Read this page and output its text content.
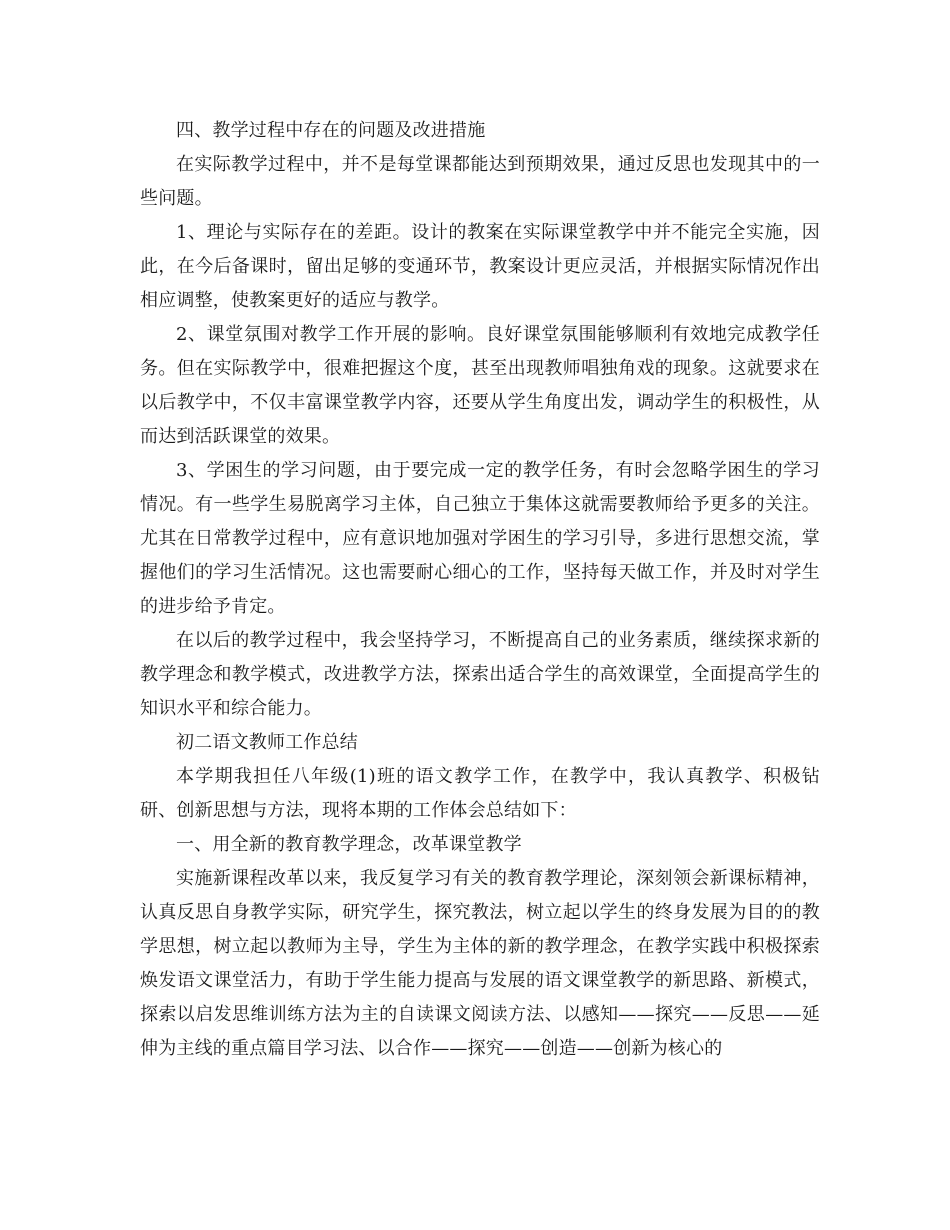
四、教学过程中存在的问题及改进措施

在实际教学过程中，并不是每堂课都能达到预期效果，通过反思也发现其中的一些问题。

1、理论与实际存在的差距。设计的教案在实际课堂教学中并不能完全实施，因此，在今后备课时，留出足够的变通环节，教案设计更应灵活，并根据实际情况作出相应调整，使教案更好的适应与教学。

2、课堂氛围对教学工作开展的影响。良好课堂氛围能够顺利有效地完成教学任务。但在实际教学中，很难把握这个度，甚至出现教师唱独角戏的现象。这就要求在以后教学中，不仅丰富课堂教学内容，还要从学生角度出发，调动学生的积极性，从而达到活跃课堂的效果。

3、学困生的学习问题，由于要完成一定的教学任务，有时会忽略学困生的学习情况。有一些学生易脱离学习主体，自己独立于集体这就需要教师给予更多的关注。尤其在日常教学过程中，应有意识地加强对学困生的学习引导，多进行思想交流，掌握他们的学习生活情况。这也需要耐心细心的工作，坚持每天做工作，并及时对学生的进步给予肯定。

在以后的教学过程中，我会坚持学习，不断提高自己的业务素质，继续探求新的教学理念和教学模式，改进教学方法，探索出适合学生的高效课堂，全面提高学生的知识水平和综合能力。

初二语文教师工作总结

本学期我担任八年级(1)班的语文教学工作，在教学中，我认真教学、积极钻研、创新思想与方法，现将本期的工作体会总结如下：

一、用全新的教育教学理念，改革课堂教学

实施新课程改革以来，我反复学习有关的教育教学理论，深刻领会新课标精神，认真反思自身教学实际，研究学生，探究教法，树立起以学生的终身发展为目的的教学思想，树立起以教师为主导，学生为主体的新的教学理念，在教学实践中积极探索焕发语文课堂活力，有助于学生能力提高与发展的语文课堂教学的新思路、新模式，探索以启发思维训练方法为主的自读课文阅读方法、以感知——探究——反思——延伸为主线的重点篇目学习法、以合作——探究——创造——创新为核心的
